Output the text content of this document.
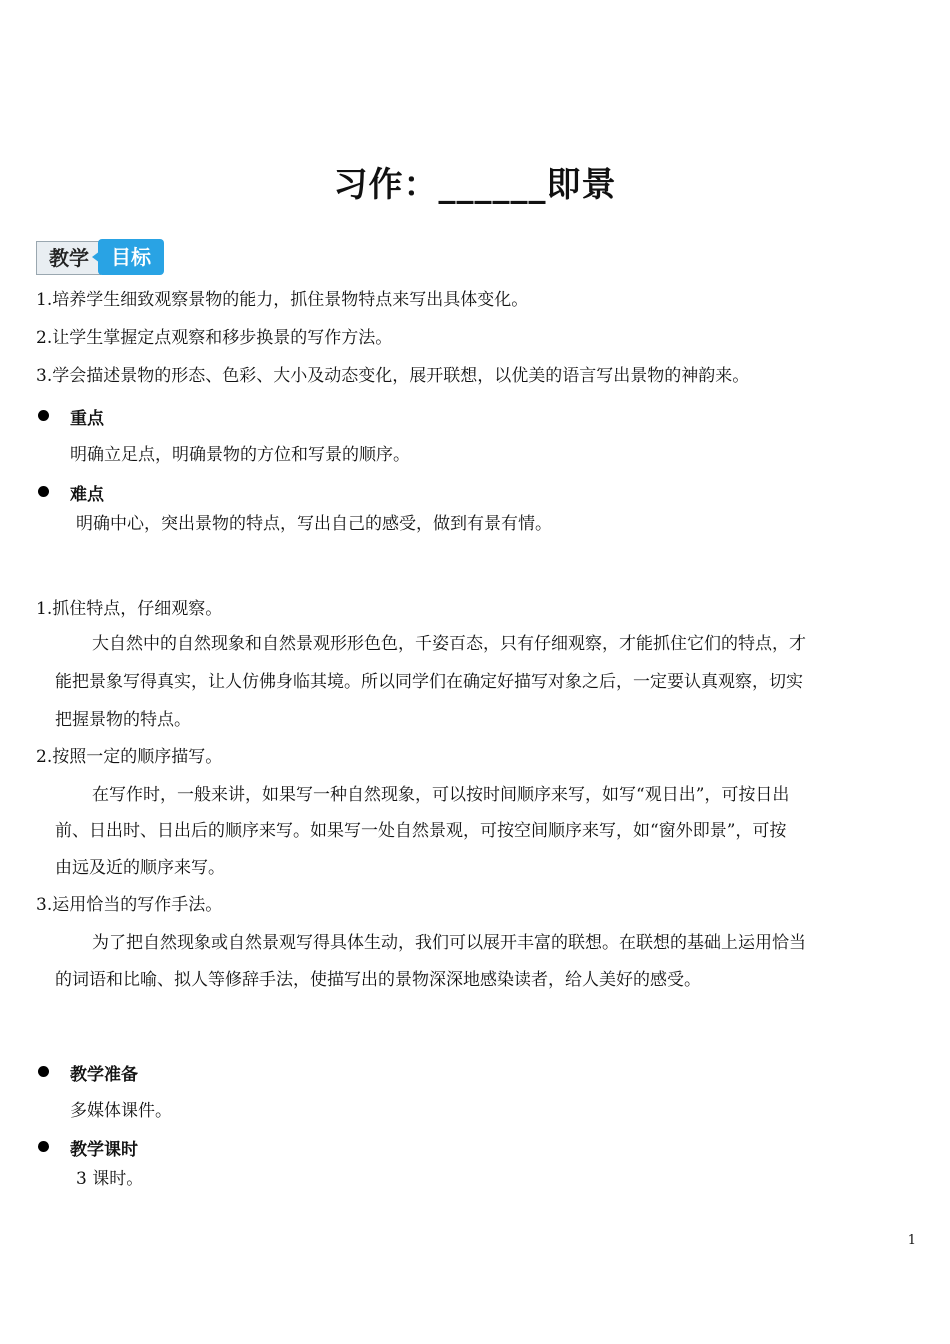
习作：______即景
教学	目标
1.培养学生细致观察景物的能力，抓住景物特点来写出具体变化。
2.让学生掌握定点观察和移步换景的写作方法。
3.学会描述景物的形态、色彩、大小及动态变化，展开联想，以优美的语言写出景物的神韵来。
重点
明确立足点，明确景物的方位和写景的顺序。
难点
明确中心，突出景物的特点，写出自己的感受，做到有景有情。
1.抓住特点，仔细观察。
大自然中的自然现象和自然景观形形色色，千姿百态，只有仔细观察，才能抓住它们的特点，才
能把景象写得真实，让人仿佛身临其境。所以同学们在确定好描写对象之后，一定要认真观察，切实
把握景物的特点。
2.按照一定的顺序描写。
在写作时，一般来讲，如果写一种自然现象，可以按时间顺序来写，如写“观日出”，可按日出
前、日出时、日出后的顺序来写。如果写一处自然景观，可按空间顺序来写，如“窗外即景”，可按
由远及近的顺序来写。
3.运用恰当的写作手法。
为了把自然现象或自然景观写得具体生动，我们可以展开丰富的联想。在联想的基础上运用恰当
的词语和比喻、拟人等修辞手法，使描写出的景物深深地感染读者，给人美好的感受。
教学准备
多媒体课件。
教学课时
3 课时。
1
